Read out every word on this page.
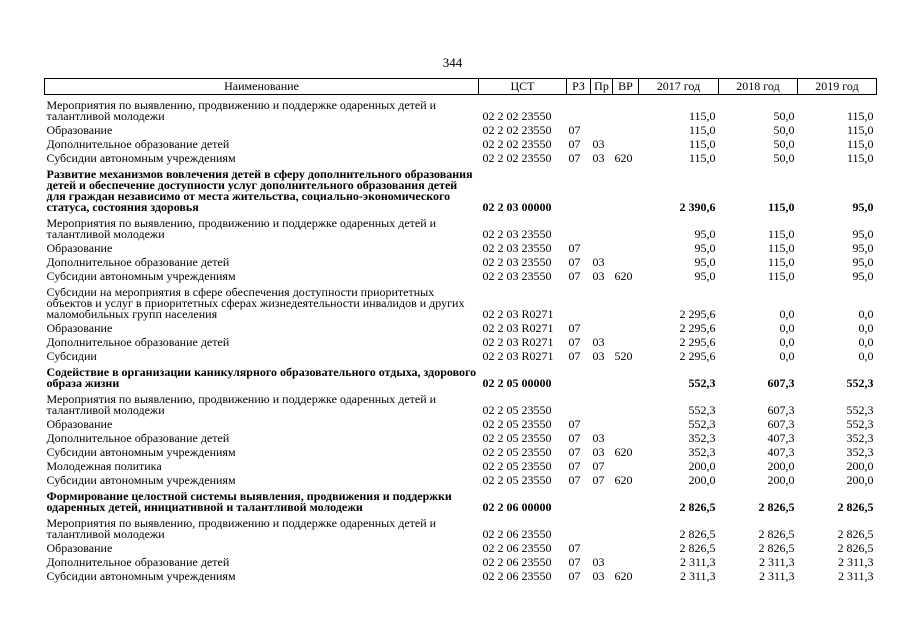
344
Наименование	ЦСТ	РЗ	Пр	ВР	2017 год	2018 год	2019 год
Мероприятия по выявлению, продвижению и поддержке одаренных детей и талантливой молодежи	02 2 02 23550				115,0	50,0	115,0
Образование	02 2 02 23550	07			115,0	50,0	115,0
Дополнительное образование детей	02 2 02 23550	07	03		115,0	50,0	115,0
Субсидии автономным учреждениям	02 2 02 23550	07	03	620	115,0	50,0	115,0
Развитие механизмов вовлечения детей в сферу дополнительного образования детей и обеспечение доступности услуг дополнительного образования детей для граждан независимо от места жительства, социально-экономического статуса, состояния здоровья	02 2 03 00000				2 390,6	115,0	95,0
Мероприятия по выявлению, продвижению и поддержке одаренных детей и талантливой молодежи	02 2 03 23550				95,0	115,0	95,0
Образование	02 2 03 23550	07			95,0	115,0	95,0
Дополнительное образование детей	02 2 03 23550	07	03		95,0	115,0	95,0
Субсидии автономным учреждениям	02 2 03 23550	07	03	620	95,0	115,0	95,0
Субсидии на мероприятия в сфере обеспечения доступности приоритетных объектов и услуг в приоритетных сферах жизнедеятельности инвалидов и других маломобильных групп населения	02 2 03 R0271				2 295,6	0,0	0,0
Образование	02 2 03 R0271	07			2 295,6	0,0	0,0
Дополнительное образование детей	02 2 03 R0271	07	03		2 295,6	0,0	0,0
Субсидии	02 2 03 R0271	07	03	520	2 295,6	0,0	0,0
Содействие в организации каникулярного образовательного отдыха, здорового образа жизни	02 2 05 00000				552,3	607,3	552,3
Мероприятия по выявлению, продвижению и поддержке одаренных детей и талантливой молодежи	02 2 05 23550				552,3	607,3	552,3
Образование	02 2 05 23550	07			552,3	607,3	552,3
Дополнительное образование детей	02 2 05 23550	07	03		352,3	407,3	352,3
Субсидии автономным учреждениям	02 2 05 23550	07	03	620	352,3	407,3	352,3
Молодежная политика	02 2 05 23550	07	07		200,0	200,0	200,0
Субсидии автономным учреждениям	02 2 05 23550	07	07	620	200,0	200,0	200,0
Формирование целостной системы выявления, продвижения и поддержки одаренных детей, инициативной и талантливой молодежи	02 2 06 00000				2 826,5	2 826,5	2 826,5
Мероприятия по выявлению, продвижению и поддержке одаренных детей и талантливой молодежи	02 2 06 23550				2 826,5	2 826,5	2 826,5
Образование	02 2 06 23550	07			2 826,5	2 826,5	2 826,5
Дополнительное образование детей	02 2 06 23550	07	03		2 311,3	2 311,3	2 311,3
Субсидии автономным учреждениям	02 2 06 23550	07	03	620	2 311,3	2 311,3	2 311,3
